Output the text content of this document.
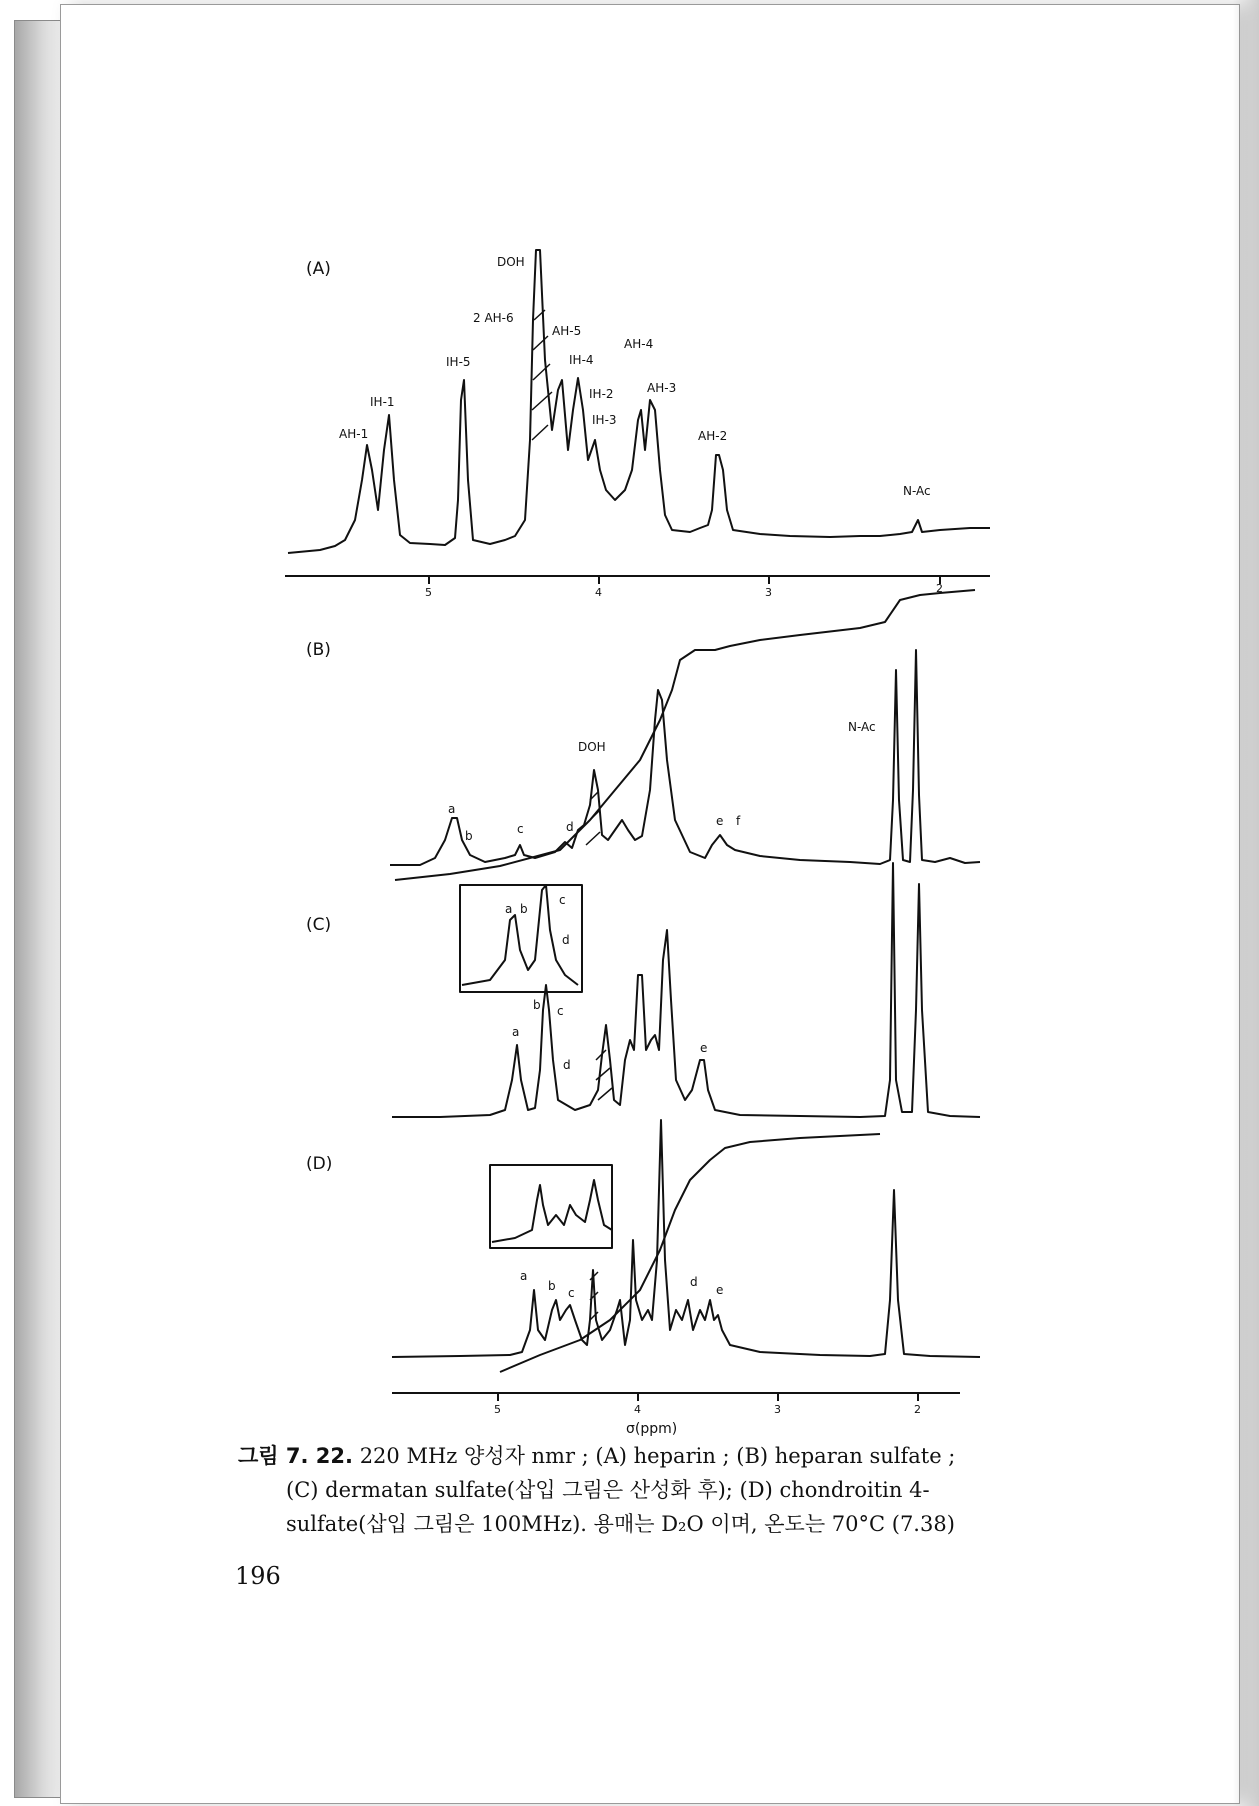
(A)
(B)
(C)
(D)
DOH
2 AH-6
AH-5
IH-5	IH-4
AH-4
IH-1
IH-2	AH-3
AH-1
IH-3
AH-2
N-Ac
5	4	3	2
DOH
N-Ac
a
b	c	d	e f
a b
c
d
a
b c
d
e
a
b c
d
e
5	4	3	2
σ(ppm)
그림 7. 22. 220 MHz 양성자 nmr ; (A) heparin ; (B) heparan sulfate ;
(C) dermatan sulfate(삽입 그림은 산성화 후); (D) chondroitin 4-
sulfate(삽입 그림은 100MHz). 용매는 D₂O 이며, 온도는 70°C (7.38)
196
